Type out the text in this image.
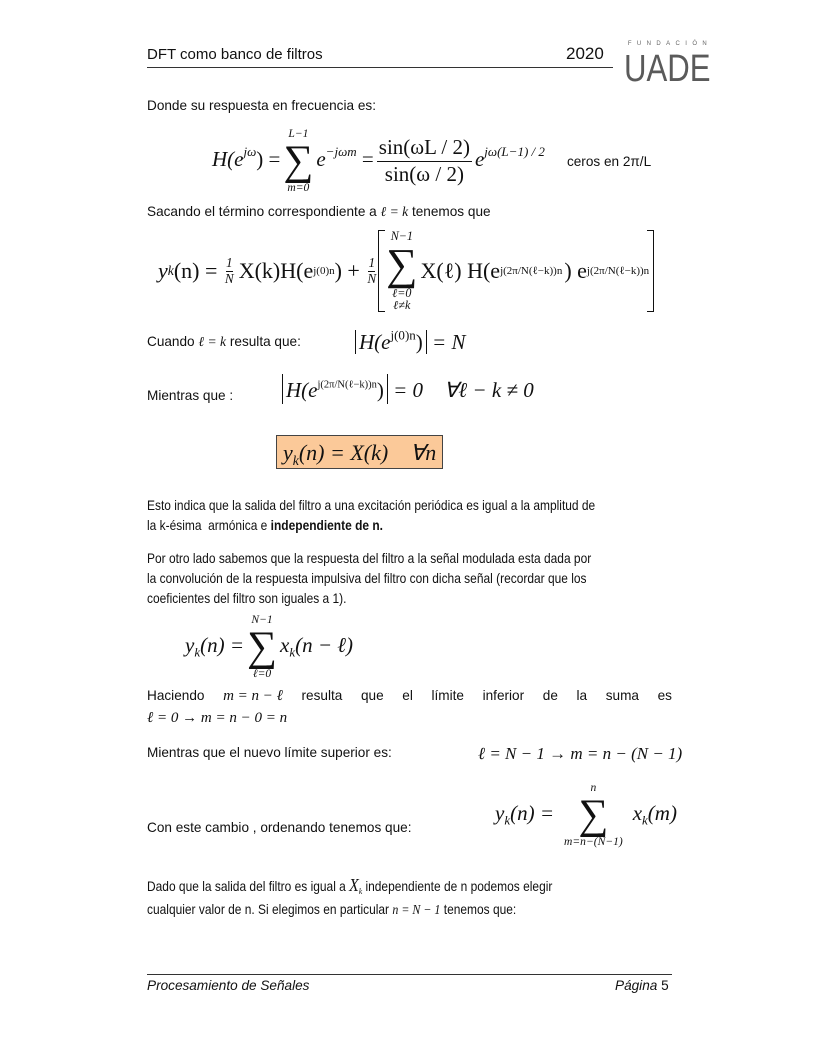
DFT como banco de filtros	2020	FUNDACIÓN
UADE
Donde su respuesta en frecuencia es:
$H(e^{j\omega})$ =
L−1
∑
m=0
$e^{-j\omega m} = \frac{\sin(\omega L / 2)}{\sin(\omega / 2)} e^{j\omega(L-1) / 2}$
ceros en 2π/L
Sacando el término correspondiente a ℓ = k tenemos que
y k $(n) = \frac{1}{N} X(k)H(e$ j(0)n ) + $\frac{1}{N}$
N−1
∑
ℓ=0
ℓ≠k
X(ℓ) H(e j(2π/N(ℓ−k))n ) e j(2π/N(ℓ−k))n
Cuando ℓ = k resulta que:	$H(e^{j(0)n}) = N$
Mientras que :	$H(e^{j(2\pi/N(\ell-k))n}) = 0$    ∀ℓ − k ≠ 0
$y_k(n) = X(k)$    ∀n
Esto indica que la salida del filtro a una excitación periódica es igual a la amplitud de
la k-ésima  armónica e independiente de n.
Por otro lado sabemos que la respuesta del filtro a la señal modulada esta dada por
la convolución de la respuesta impulsiva del filtro con dicha señal (recordar que los
coeficientes del filtro son iguales a 1).
$y_k(n)$ =
N−1
∑
ℓ=0
$x_k(n$ − ℓ)
Haciendo m = n − ℓ resulta que el límite inferior de la suma es
ℓ = 0 → m = n − 0 = n
Mientras que el nuevo límite superior es:	ℓ = N − 1 → m = n − (N − 1)
$y_k(n)$ =
n
∑
m=n−(N−1)
$x_k(m)$
Con este cambio , ordenando tenemos que:
Dado que la salida del filtro es igual a $X_k$ independiente de n podemos elegir
cualquier valor de n. Si elegimos en particular n = N − 1 tenemos que:
Procesamiento de Señales	Página 5
